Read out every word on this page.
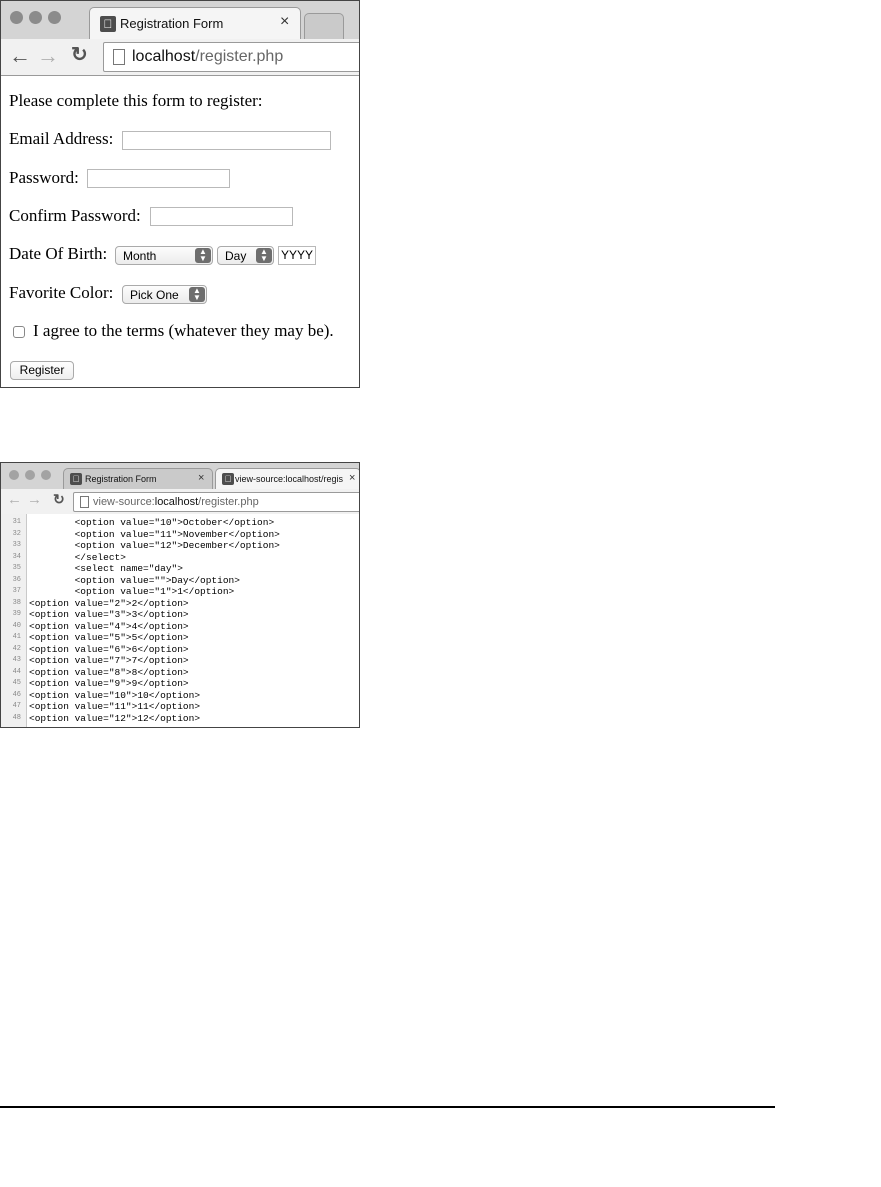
Registration Form	×
← → ↻	localhost/register.php
Please complete this form to register:
Email Address:
Password:
Confirm Password:
Date Of Birth: Month	▲
▼	Day	▲
▼	YYYY
Favorite Color: Pick One	▲
▼
I agree to the terms (whatever they may be).
Register
Registration Form	×	view-source:localhost/regis ×
← → ↻	view-source:localhost/register.php
31 <option value="10">October</option>
32 <option value="11">November</option>
33 <option value="12">December</option>
34 </select>
35 <select name="day">
36 <option value="">Day</option>
37 <option value="1">1</option>
38 <option value="2">2</option>
39 <option value="3">3</option>
40 <option value="4">4</option>
41 <option value="5">5</option>
42 <option value="6">6</option>
43 <option value="7">7</option>
44 <option value="8">8</option>
45 <option value="9">9</option>
46 <option value="10">10</option>
47 <option value="11">11</option>
48 <option value="12">12</option>
